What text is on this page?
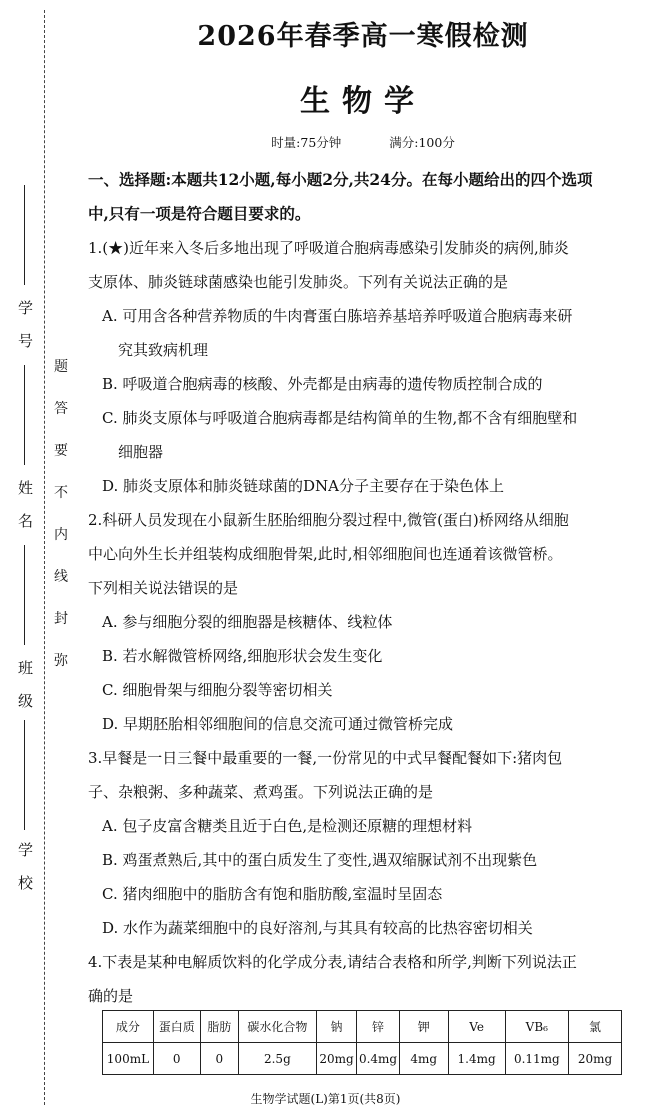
学号
姓名
班级
学校
题
答
要
不
内
线
封
弥
2026年春季高一寒假检测
生物学
时量:75分钟	满分:100分
一、选择题:本题共12小题,每小题2分,共24分。在每小题给出的四个选项
中,只有一项是符合题目要求的。
1.(★)近年来入冬后多地出现了呼吸道合胞病毒感染引发肺炎的病例,肺炎
支原体、肺炎链球菌感染也能引发肺炎。下列有关说法正确的是
A. 可用含各种营养物质的牛肉膏蛋白胨培养基培养呼吸道合胞病毒来研
究其致病机理
B. 呼吸道合胞病毒的核酸、外壳都是由病毒的遗传物质控制合成的
C. 肺炎支原体与呼吸道合胞病毒都是结构简单的生物,都不含有细胞壁和
细胞器
D. 肺炎支原体和肺炎链球菌的DNA分子主要存在于染色体上
2.科研人员发现在小鼠新生胚胎细胞分裂过程中,微管(蛋白)桥网络从细胞
中心向外生长并组装构成细胞骨架,此时,相邻细胞间也连通着该微管桥。
下列相关说法错误的是
A. 参与细胞分裂的细胞器是核糖体、线粒体
B. 若水解微管桥网络,细胞形状会发生变化
C. 细胞骨架与细胞分裂等密切相关
D. 早期胚胎相邻细胞间的信息交流可通过微管桥完成
3.早餐是一日三餐中最重要的一餐,一份常见的中式早餐配餐如下:猪肉包
子、杂粮粥、多种蔬菜、煮鸡蛋。下列说法正确的是
A. 包子皮富含糖类且近于白色,是检测还原糖的理想材料
B. 鸡蛋煮熟后,其中的蛋白质发生了变性,遇双缩脲试剂不出现紫色
C. 猪肉细胞中的脂肪含有饱和脂肪酸,室温时呈固态
D. 水作为蔬菜细胞中的良好溶剂,与其具有较高的比热容密切相关
4.下表是某种电解质饮料的化学成分表,请结合表格和所学,判断下列说法正
确的是
成分	蛋白质	脂肪	碳水化合物	钠	锌	钾	Ve	VB₆	氯
100mL	0	0	2.5g	20mg	0.4mg	4mg	1.4mg	0.11mg	20mg
生物学试题(L)第1页(共8页)
